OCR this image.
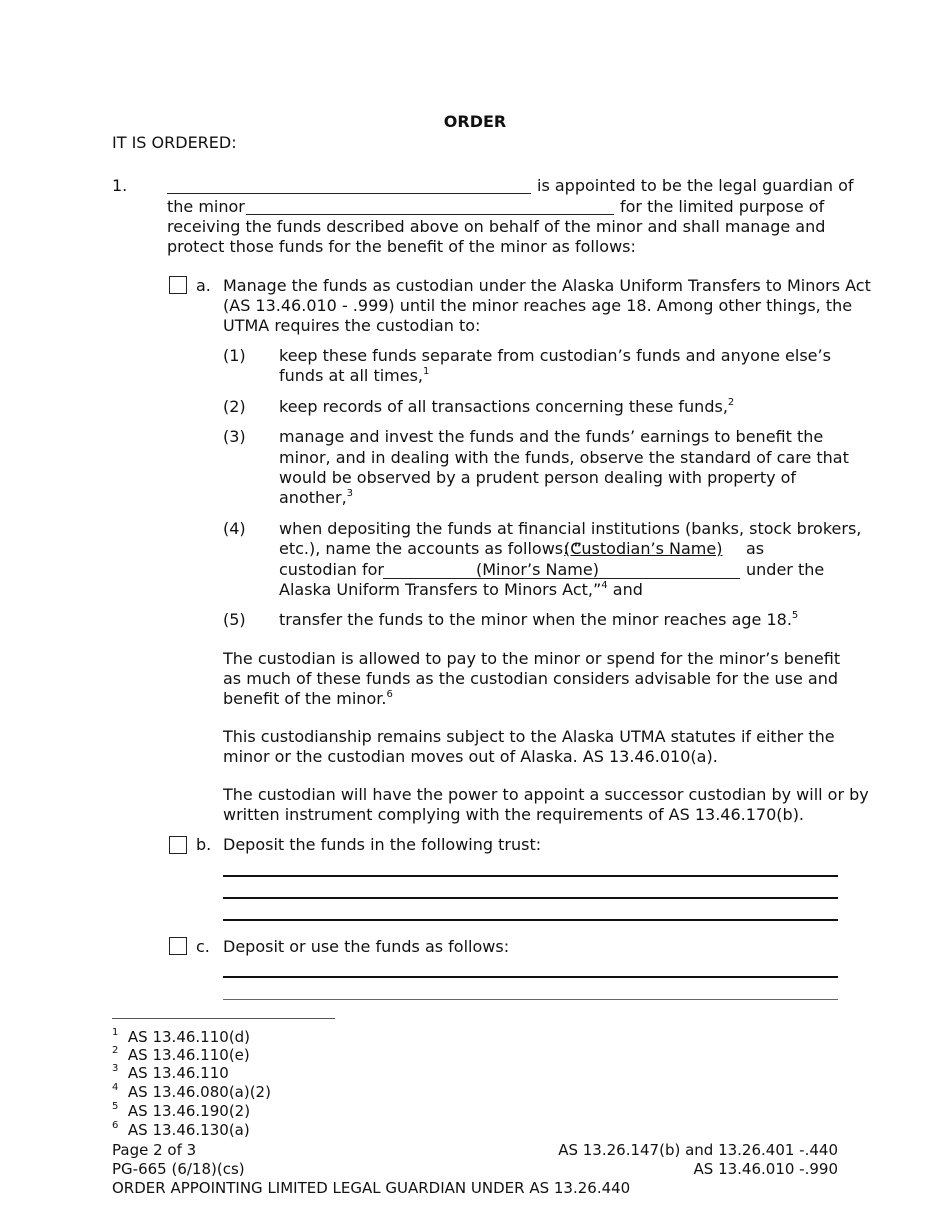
ORDER
IT IS ORDERED:
1.	is appointed to be the legal guardian of
the minor	for the limited purpose of
receiving the funds described above on behalf of the minor and shall manage and
protect those funds for the benefit of the minor as follows:
a. Manage the funds as custodian under the Alaska Uniform Transfers to Minors Act
(AS 13.46.010 - .999) until the minor reaches age 18. Among other things, the
UTMA requires the custodian to:
(1) keep these funds separate from custodian’s funds and anyone else’s
funds at all times,$^1$
(2) keep records of all transactions concerning these funds,$^2$
(3) manage and invest the funds and the funds’ earnings to benefit the
minor, and in dealing with the funds, observe the standard of care that
would be observed by a prudent person dealing with property of
another,$^3$
(4) when depositing the funds at financial institutions (banks, stock brokers,
etc.), name the accounts as follows: “
(Custodian’s Name)	as
custodian for	(Minor’s Name)	under the
Alaska Uniform Transfers to Minors Act,”$^4$ and
(5) transfer the funds to the minor when the minor reaches age 18.$^5$
The custodian is allowed to pay to the minor or spend for the minor’s benefit
as much of these funds as the custodian considers advisable for the use and
benefit of the minor.$^6$
This custodianship remains subject to the Alaska UTMA statutes if either the
minor or the custodian moves out of Alaska. AS 13.46.010(a).
The custodian will have the power to appoint a successor custodian by will or by
written instrument complying with the requirements of AS 13.46.170(b).
b. Deposit the funds in the following trust:
c. Deposit or use the funds as follows:
$^1$ AS 13.46.110(d)
$^2$ AS 13.46.110(e)
$^3$ AS 13.46.110
$^4$ AS 13.46.080(a)(2)
$^5$ AS 13.46.190(2)
$^6$ AS 13.46.130(a)
Page 2 of 3
PG-665 (6/18)(cs)
ORDER APPOINTING LIMITED LEGAL GUARDIAN UNDER AS 13.26.440
AS 13.26.147(b) and 13.26.401 -.440
AS 13.46.010 -.990
